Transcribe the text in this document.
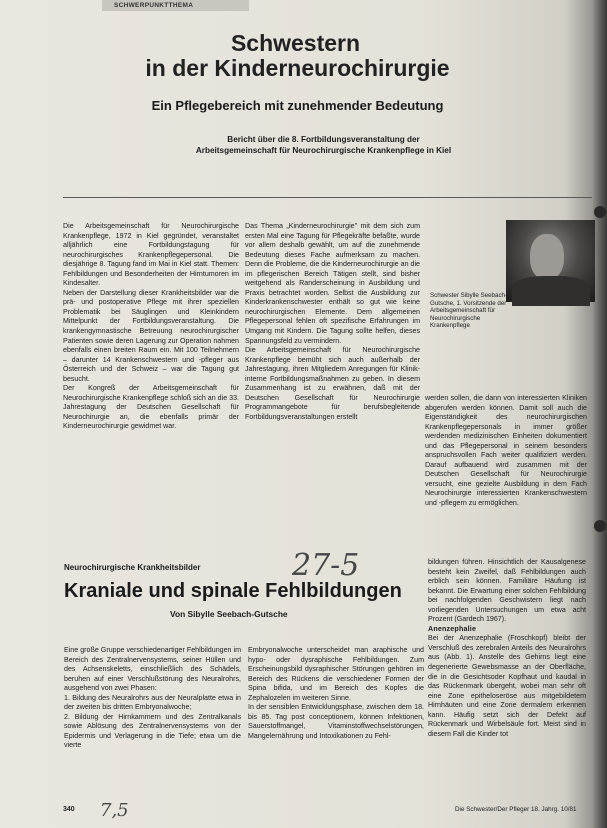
SCHWERPUNKTTHEMA
Schwestern
in der Kinderneurochirurgie
Ein Pflegebereich mit zunehmender Bedeutung
Bericht über die 8. Fortbildungsveranstaltung der
Arbeitsgemeinschaft für Neurochirurgische Krankenpflege in Kiel

Die Arbeitsgemeinschaft für Neurochirurgische Krankenpflege, 1972 in Kiel gegründet, veranstaltet alljährlich eine Fortbildungstagung für neurochirurgisches Krankenpflegepersonal. Die diesjährige 8. Tagung fand im Mai in Kiel statt. Themen: Fehlbildungen und Besonderheiten der Hirntumoren im Kindesalter.

Neben der Darstellung dieser Krankheitsbilder war die prä- und postoperative Pflege mit ihrer speziellen Problematik bei Säuglingen und Kleinkindern Mittelpunkt der Fortbildungsveranstaltung. Die krankengymnastische Betreuung neurochirurgischer Patienten sowie deren Lagerung zur Operation nahmen ebenfalls einen breiten Raum ein. Mit 100 Teilnehmern – darunter 14 Krankenschwestern und -pfleger aus Österreich und der Schweiz – war die Tagung gut besucht.

Der Kongreß der Arbeitsgemeinschaft für Neurochirurgische Krankenpflege schloß sich an die 33. Jahrestagung der Deutschen Gesellschaft für Neurochirurgie an, die ebenfalls primär der Kinderneurochirurgie gewidmet war.

Das Thema „Kinderneurochirurgie" mit dem sich zum ersten Mal eine Tagung für Pflegekräfte befaßte, wurde vor allem deshalb gewählt, um auf die zunehmende Bedeutung dieses Fache aufmerksam zu machen. Denn die Probleme, die die Kinderneurochirurgie an die im pflegerischen Bereich Tätigen stellt, sind bisher weitgehend als Randerscheinung in Ausbildung und Praxis betrachtet worden. Selbst die Ausbildung zur Kinderkrankenschwester enthält so gut wie keine neurochirurgischen Elemente. Dem allgemeinen Pflegepersonal fehlen oft spezifische Erfahrungen im Umgang mit Kindern. Die Tagung sollte helfen, dieses Spannungsfeld zu vermindern.

Die Arbeitsgemeinschaft für Neurochirurgische Krankenpflege bemüht sich auch außerhalb der Jahrestagung, ihren Mitgliedern Anregungen für Klinik-interne Fortbildungsmaßnahmen zu geben. In diesem Zusammenhang ist zu erwähnen, daß mit der Deutschen Gesellschaft für Neurochirurgie Programmangebote für berufsbegleitende Fortbildungsveranstaltungen erstellt

Schwester Sibylle Seebach-Gutsche, 1. Vorsitzende der Arbeitsgemeinschaft für Neurochirurgische Krankenpflege

werden sollen, die dann von interessierten Kliniken abgerufen werden können. Damit soll auch die Eigenständigkeit des neurochirurgischen Krankenpflegepersonals in immer größer werdenden medizinischen Einheiten dokumentiert und das Pflegepersonal in seinem besonders anspruchsvollen Fach weiter qualifiziert werden. Darauf aufbauend wird zusammen mit der Deutschen Gesellschaft für Neurochirurgie versucht, eine gezielte Ausbildung in dem Fach Neurochirurgie interessierten Krankenschwestern und -pflegern zu ermöglichen.

Neurochirurgische Krankheitsbilder	27-5
Kraniale und spinale Fehlbildungen
Von Sibylle Seebach-Gutsche

Eine große Gruppe verschiedenartiger Fehlbildungen im Bereich des Zentralnervensystems, seiner Hüllen und des Achsenskeletts, einschließlich des Schädels, beruhen auf einer Verschlußstörung des Neuralrohrs, ausgehend von zwei Phasen:

1. Bildung des Neuralrohrs aus der Neuralplatte etwa in der zweiten bis dritten Embryonalwoche;

2. Bildung der Hirnkammern und des Zentralkanals sowie Ablösung des Zentralnervensystems von der Epidermis und Verlagerung in die Tiefe; etwa um die vierte

Embryonalwoche unterscheidet man araphische und hypo- oder dysraphische Fehlbildungen. Zum Erscheinungsbild dysraphischer Störungen gehören im Bereich des Rückens die verschiedener Formen der Spina bifida, und im Bereich des Kopfes die Zephalozelen im weiteren Sinne.

In der sensiblen Entwicklungsphase, zwischen dem 18. bis 85. Tag post conceptionem, können Infektionen, Sauerstoffmangel, Vitaminstoffwechselstörungen, Mangelernährung und Intoxikationen zu Fehl-

bildungen führen. Hinsichtlich der Kausalgenese besteht kein Zweifel, daß Fehlbildungen auch erblich sein können. Familiäre Häufung ist bekannt. Die Erwartung einer solchen Fehlbildung bei nachfolgenden Geschwistern liegt nach vorliegenden Untersuchungen um etwa acht Prozent (Gardech 1967).

Anenzephalie

Bei der Anenzephalie (Froschkopf) bleibt der Verschluß des zerebralen Anteils des Neuralrohrs aus (Abb. 1). Anstelle des Gehirns liegt eine degenerierte Gewebsmasse an der Oberfläche, die in die Gesichtsoder Kopfhaut und kaudal in das Rückenmark übergeht, wobei man sehr oft eine Zone epitheloseröse aus mitgebildetem Hirnhäuten und eine Zone dermalem erkennen kann. Häufig setzt sich der Defekt auf Rückenmark und Wirbelsäule fort. Meist sind in diesem Fall die Kinder tot

340 7,5	Die Schwester/Der Pfleger 18. Jahrg. 10/81
